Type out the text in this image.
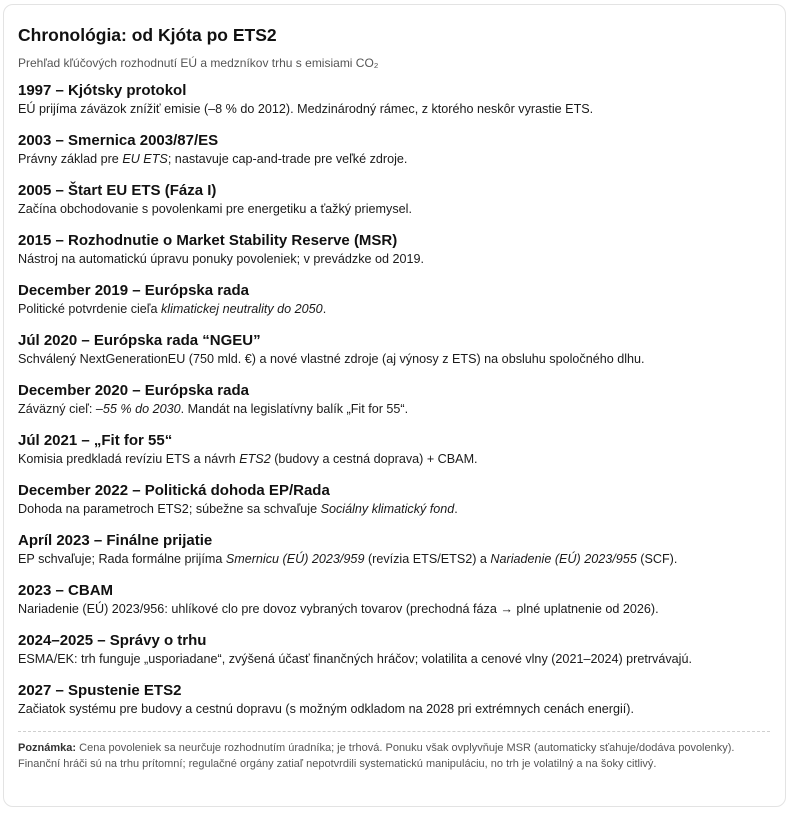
Chronológia: od Kjóta po ETS2
Prehľad kľúčových rozhodnutí EÚ a medzníkov trhu s emisiami CO₂
1997 – Kjótsky protokol
EÚ prijíma záväzok znížiť emisie (–8 % do 2012). Medzinárodný rámec, z ktorého neskôr vyrastie ETS.
2003 – Smernica 2003/87/ES
Právny základ pre EU ETS; nastavuje cap-and-trade pre veľké zdroje.
2005 – Štart EU ETS (Fáza I)
Začína obchodovanie s povolenkami pre energetiku a ťažký priemysel.
2015 – Rozhodnutie o Market Stability Reserve (MSR)
Nástroj na automatickú úpravu ponuky povoleniek; v prevádzke od 2019.
December 2019 – Európska rada
Politické potvrdenie cieľa klimatickej neutrality do 2050.
Júl 2020 – Európska rada “NGEU”
Schválený NextGenerationEU (750 mld. €) a nové vlastné zdroje (aj výnosy z ETS) na obsluhu spoločného dlhu.
December 2020 – Európska rada
Záväzný cieľ: –55 % do 2030. Mandát na legislatívny balík „Fit for 55“.
Júl 2021 – „Fit for 55“
Komisia predkladá revíziu ETS a návrh ETS2 (budovy a cestná doprava) + CBAM.
December 2022 – Politická dohoda EP/Rada
Dohoda na parametroch ETS2; súbežne sa schvaľuje Sociálny klimatický fond.
Apríl 2023 – Finálne prijatie
EP schvaľuje; Rada formálne prijíma Smernicu (EÚ) 2023/959 (revízia ETS/ETS2) a Nariadenie (EÚ) 2023/955 (SCF).
2023 – CBAM
Nariadenie (EÚ) 2023/956: uhlíkové clo pre dovoz vybraných tovarov (prechodná fáza → plné uplatnenie od 2026).
2024–2025 – Správy o trhu
ESMA/EK: trh funguje „usporiadane“, zvýšená účasť finančných hráčov; volatilita a cenové vlny (2021–2024) pretrvávajú.
2027 – Spustenie ETS2
Začiatok systému pre budovy a cestnú dopravu (s možným odkladom na 2028 pri extrémnych cenách energií).
Poznámka: Cena povoleniek sa neurčuje rozhodnutím úradníka; je trhová. Ponuku však ovplyvňuje MSR (automaticky sťahuje/dodáva povolenky). Finanční hráči sú na trhu prítomní; regulačné orgány zatiaľ nepotvrdili systematickú manipuláciu, no trh je volatilný a na šoky citlivý.
